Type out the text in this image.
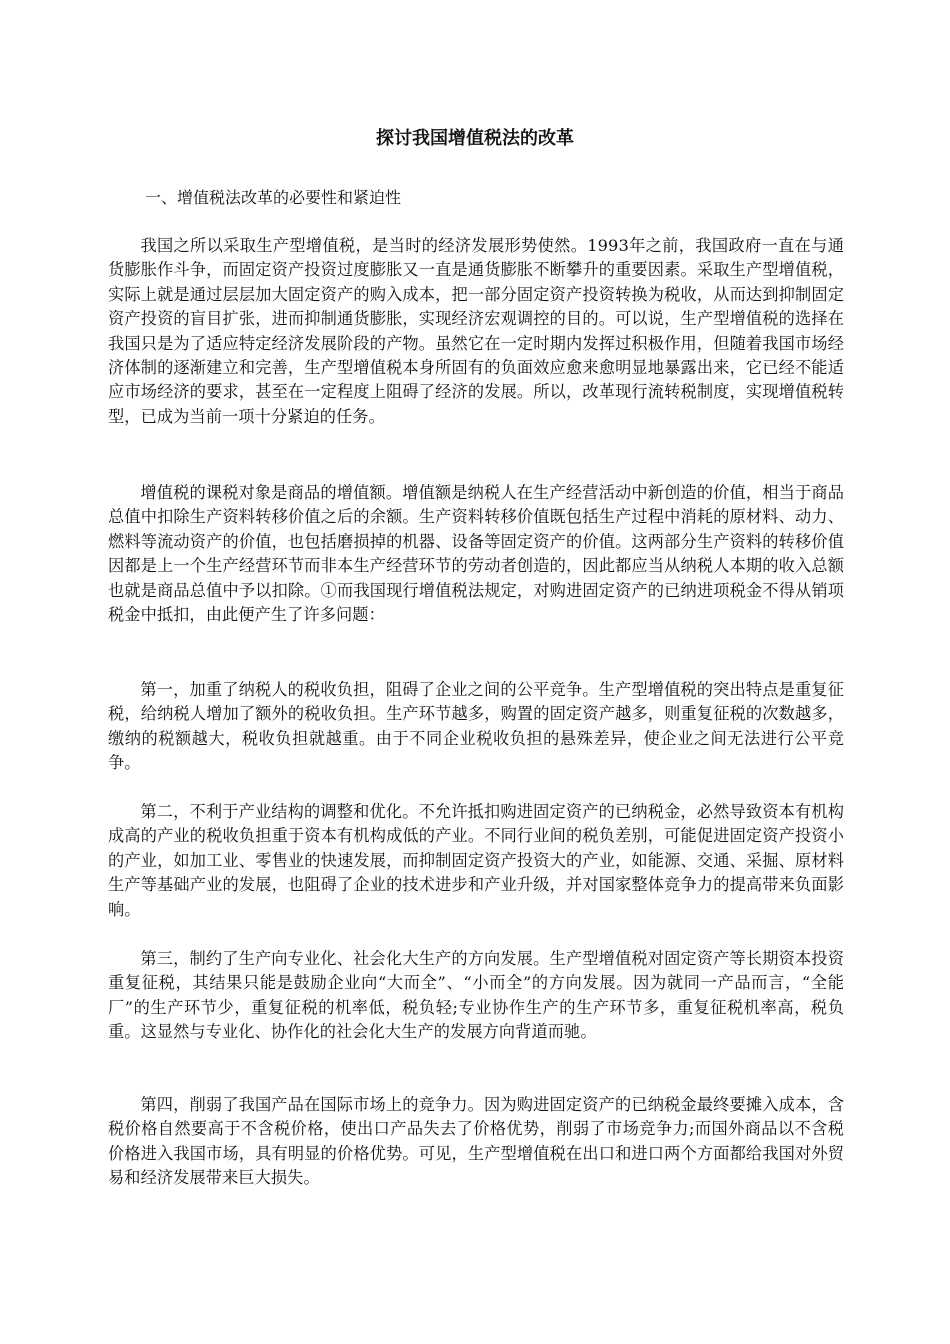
探讨我国增值税法的改革

一、增值税法改革的必要性和紧迫性

我国之所以采取生产型增值税，是当时的经济发展形势使然。1993年之前，我国政府一直在与通货膨胀作斗争，而固定资产投资过度膨胀又一直是通货膨胀不断攀升的重要因素。采取生产型增值税，实际上就是通过层层加大固定资产的购入成本，把一部分固定资产投资转换为税收，从而达到抑制固定资产投资的盲目扩张，进而抑制通货膨胀，实现经济宏观调控的目的。可以说，生产型增值税的选择在我国只是为了适应特定经济发展阶段的产物。虽然它在一定时期内发挥过积极作用，但随着我国市场经济体制的逐渐建立和完善，生产型增值税本身所固有的负面效应愈来愈明显地暴露出来，它已经不能适应市场经济的要求，甚至在一定程度上阻碍了经济的发展。所以，改革现行流转税制度，实现增值税转型，已成为当前一项十分紧迫的任务。

增值税的课税对象是商品的增值额。增值额是纳税人在生产经营活动中新创造的价值，相当于商品总值中扣除生产资料转移价值之后的余额。生产资料转移价值既包括生产过程中消耗的原材料、动力、燃料等流动资产的价值，也包括磨损掉的机器、设备等固定资产的价值。这两部分生产资料的转移价值因都是上一个生产经营环节而非本生产经营环节的劳动者创造的，因此都应当从纳税人本期的收入总额也就是商品总值中予以扣除。①而我国现行增值税法规定，对购进固定资产的已纳进项税金不得从销项税金中抵扣，由此便产生了许多问题：

第一，加重了纳税人的税收负担，阻碍了企业之间的公平竞争。生产型增值税的突出特点是重复征税，给纳税人增加了额外的税收负担。生产环节越多，购置的固定资产越多，则重复征税的次数越多，缴纳的税额越大，税收负担就越重。由于不同企业税收负担的悬殊差异，使企业之间无法进行公平竞争。

第二，不利于产业结构的调整和优化。不允许抵扣购进固定资产的已纳税金，必然导致资本有机构成高的产业的税收负担重于资本有机构成低的产业。不同行业间的税负差别，可能促进固定资产投资小的产业，如加工业、零售业的快速发展，而抑制固定资产投资大的产业，如能源、交通、采掘、原材料生产等基础产业的发展，也阻碍了企业的技术进步和产业升级，并对国家整体竞争力的提高带来负面影响。

第三，制约了生产向专业化、社会化大生产的方向发展。生产型增值税对固定资产等长期资本投资重复征税，其结果只能是鼓励企业向“大而全”、“小而全”的方向发展。因为就同一产品而言，“全能厂”的生产环节少，重复征税的机率低，税负轻;专业协作生产的生产环节多，重复征税机率高，税负重。这显然与专业化、协作化的社会化大生产的发展方向背道而驰。

第四，削弱了我国产品在国际市场上的竞争力。因为购进固定资产的已纳税金最终要摊入成本，含税价格自然要高于不含税价格，使出口产品失去了价格优势，削弱了市场竞争力;而国外商品以不含税价格进入我国市场，具有明显的价格优势。可见，生产型增值税在出口和进口两个方面都给我国对外贸易和经济发展带来巨大损失。
